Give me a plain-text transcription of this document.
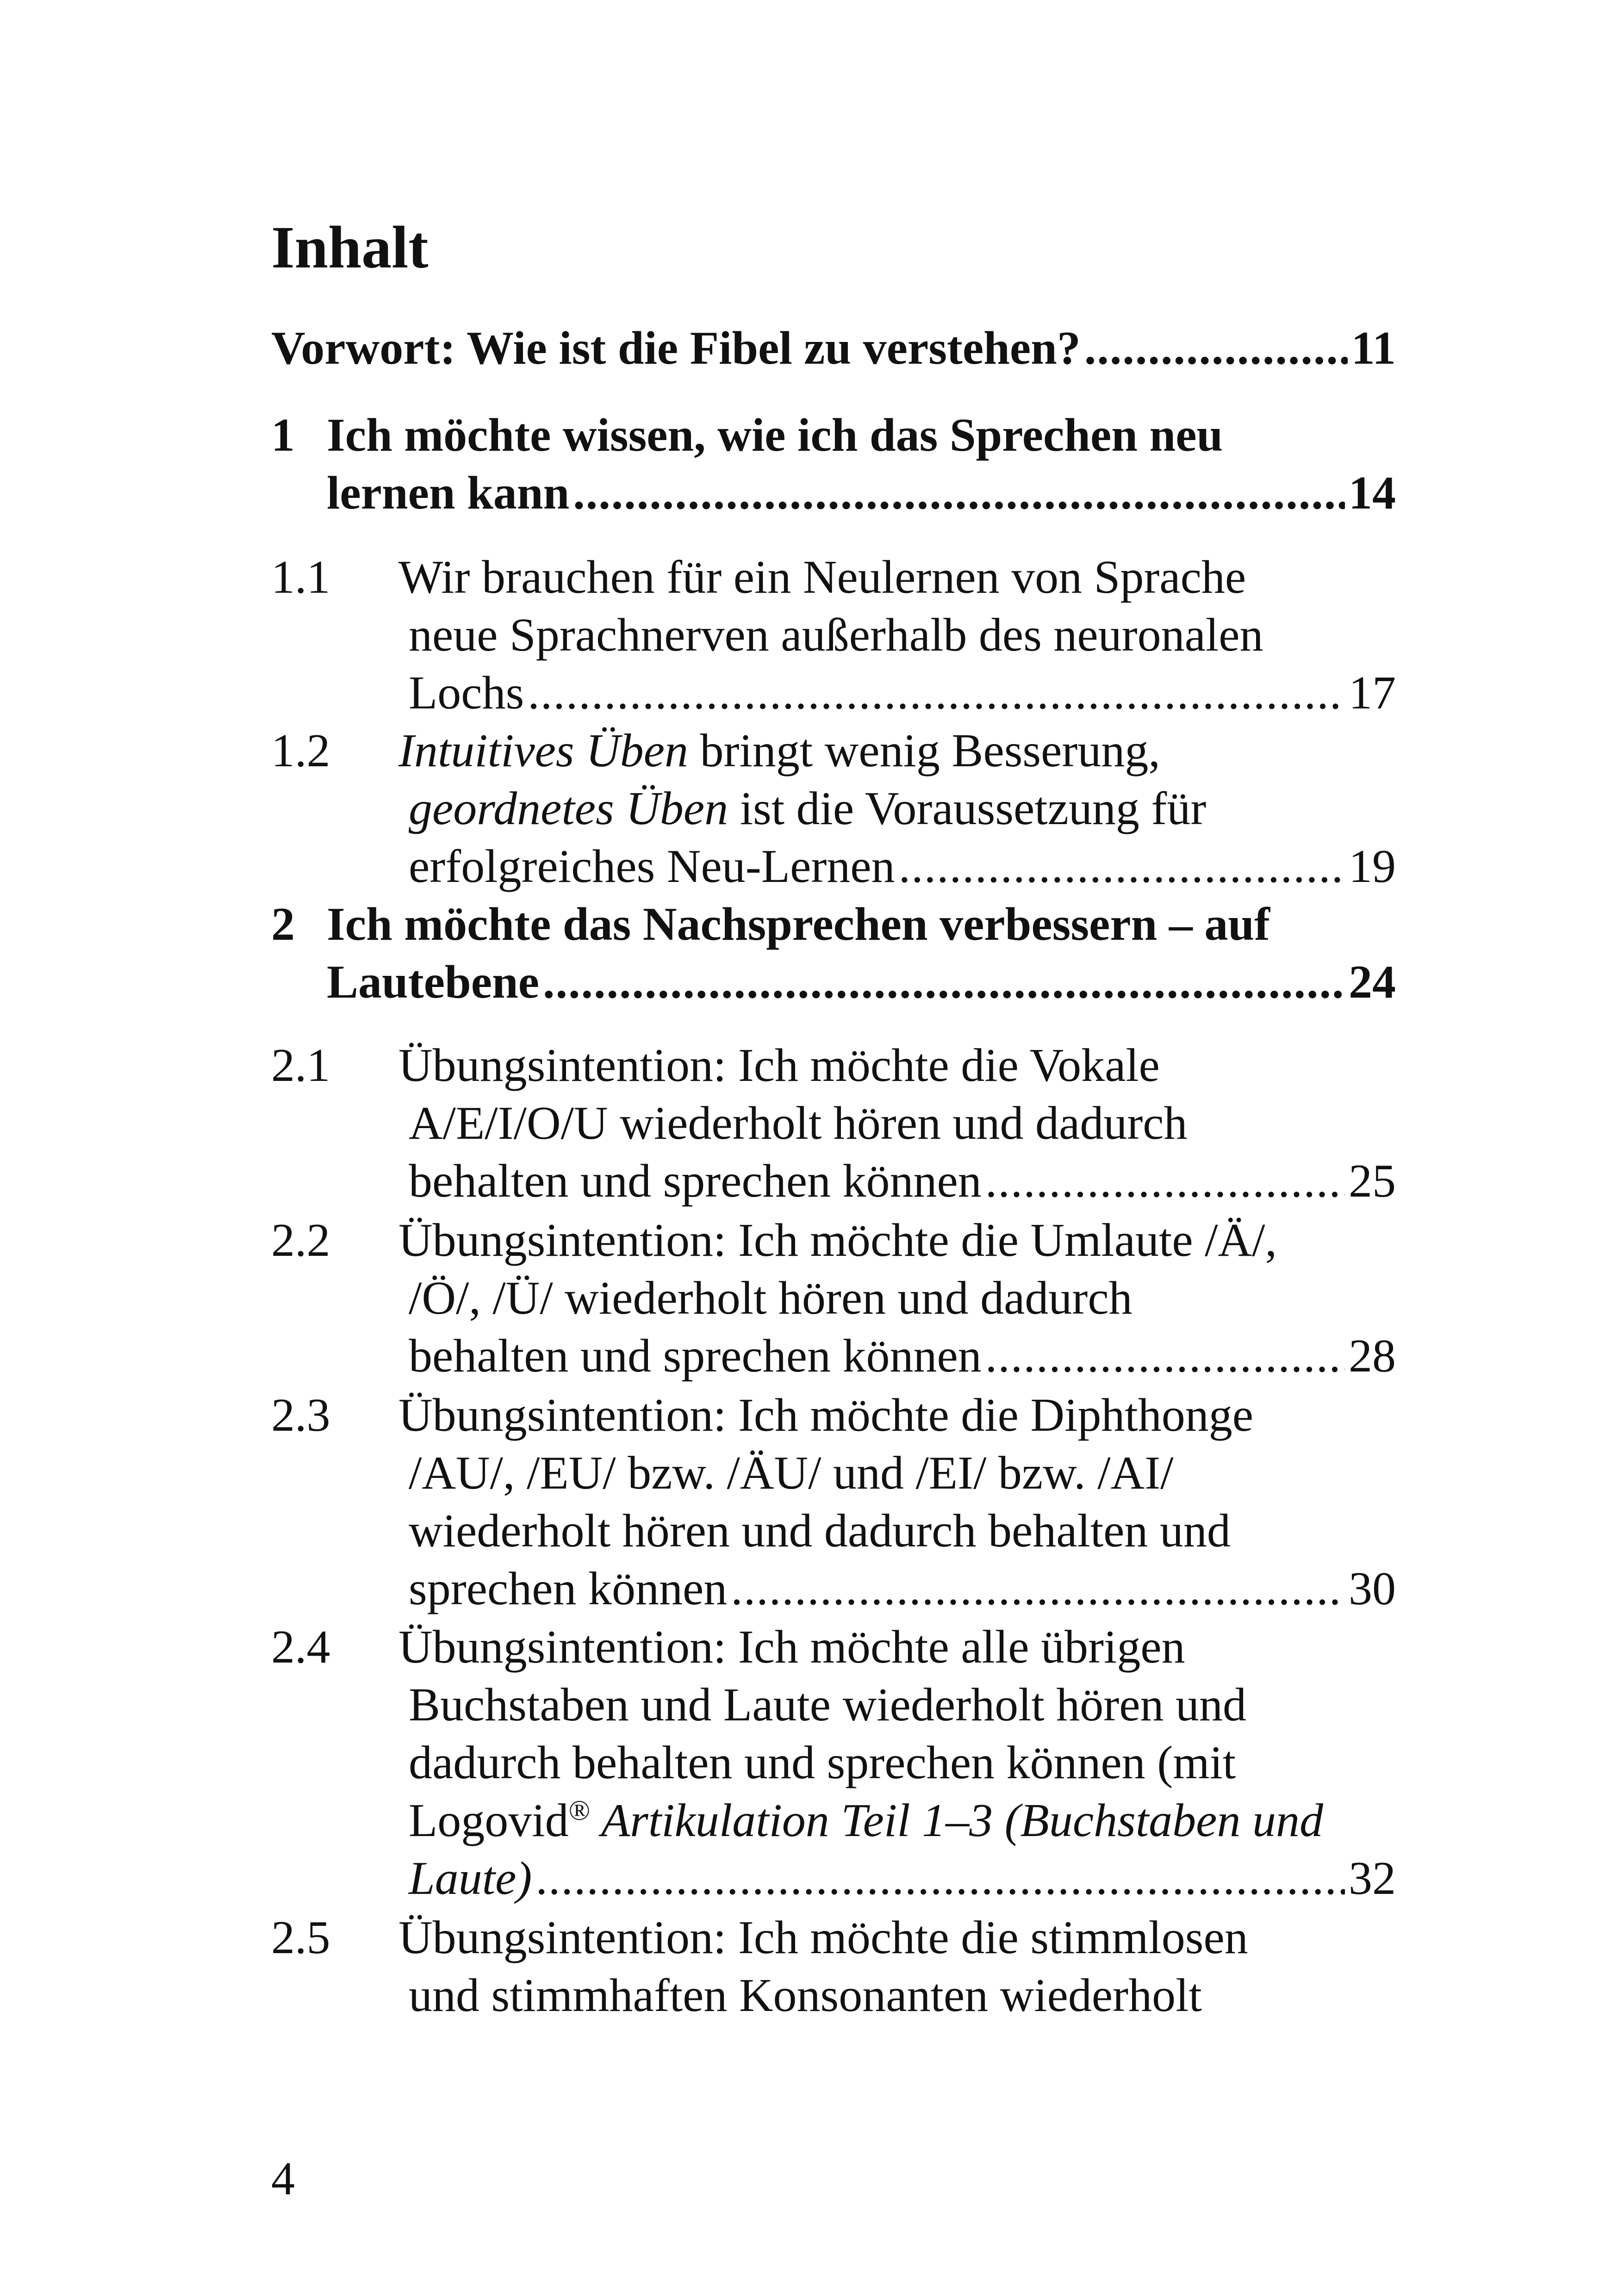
Inhalt
Vorwort: Wie ist die Fibel zu verstehen? .....	11
1 Ich möchte wissen, wie ich das Sprechen neu
lernen kann .....	14
1.1	Wir brauchen für ein Neulernen von Sprache
neue Sprachnerven außerhalb des neuronalen
Lochs .....	17
1.2	Intuitives Üben bringt wenig Besserung,
geordnetes Üben ist die Voraussetzung für
erfolgreiches Neu-Lernen .....	19
2 Ich möchte das Nachsprechen verbessern – auf
Lautebene .....	24
2.1	Übungsintention: Ich möchte die Vokale
A/E/I/O/U wiederholt hören und dadurch
behalten und sprechen können .....	25
2.2	Übungsintention: Ich möchte die Umlaute /Ä/,
/Ö/, /Ü/ wiederholt hören und dadurch
behalten und sprechen können .....	28
2.3	Übungsintention: Ich möchte die Diphthonge
/AU/, /EU/ bzw. /ÄU/ und /EI/ bzw. /AI/
wiederholt hören und dadurch behalten und
sprechen können .....	30
2.4	Übungsintention: Ich möchte alle übrigen
Buchstaben und Laute wiederholt hören und
dadurch behalten und sprechen können (mit
Logovid® Artikulation Teil 1–3 (Buchstaben und
Laute) .....	32
2.5	Übungsintention: Ich möchte die stimmlosen
und stimmhaften Konsonanten wiederholt
4
